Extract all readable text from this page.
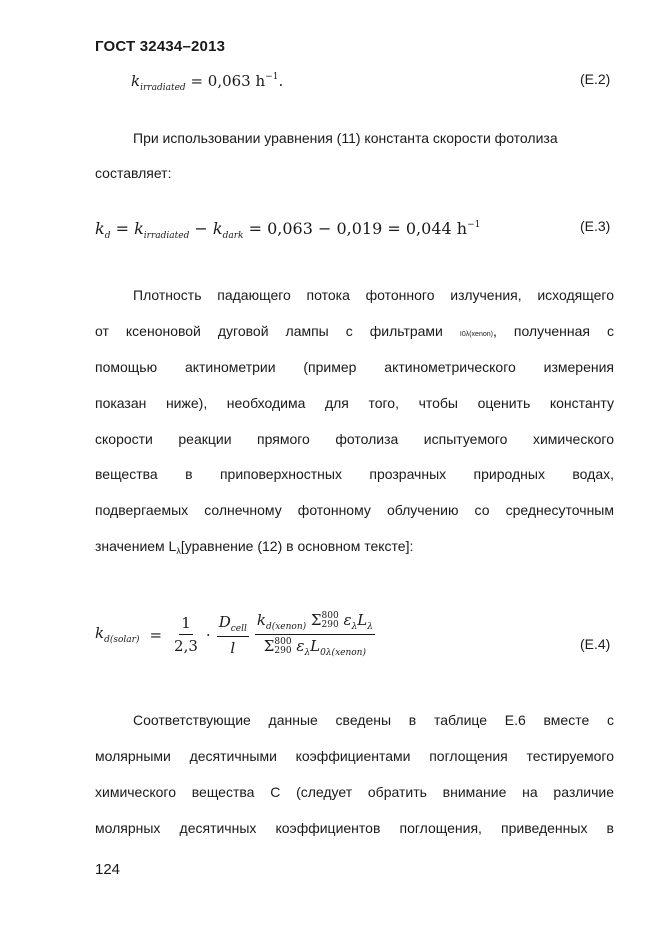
ГОСТ 32434–2013
$k_{irradiated} = 0,063$ $h^{-1}$.	(E.2)
При использовании уравнения (11) константа скорости фотолиза
составляет:
$k_d = k_{irradiated} - k_{dark} = 0,063 - 0,019 = 0,044$ $h^{-1}$	(E.3)
Плотность падающего потока фотонного излучения, исходящего
от ксеноновой дуговой лампы с фильтрами I0λ(xenon), полученная с
помощью актинометрии (пример актинометрического измерения
показан ниже), необходима для того, чтобы оценить константу
скорости реакции прямого фотолиза испытуемого химического
вещества в приповерхностных прозрачных природных водах,
подвергаемых солнечному фотонному облучению со среднесуточным
значением $L_\lambda[уравнение$ (12) в основном тексте]:
$k_{d(solar)} = \frac{1}{2,3} \cdot \frac{D_{cell}}{l} k_{d(xenon)}$ Σ 800
290 $\varepsilon_\lambda L_\lambda$
Σ 800
290 $\varepsilon_\lambda L_{0\lambda(xenon)}$	(E.4)
Соответствующие данные сведены в таблице Е.6 вместе с
молярными десятичными коэффициентами поглощения тестируемого
химического вещества С (следует обратить внимание на различие
молярных десятичных коэффициентов поглощения, приведенных в
124
